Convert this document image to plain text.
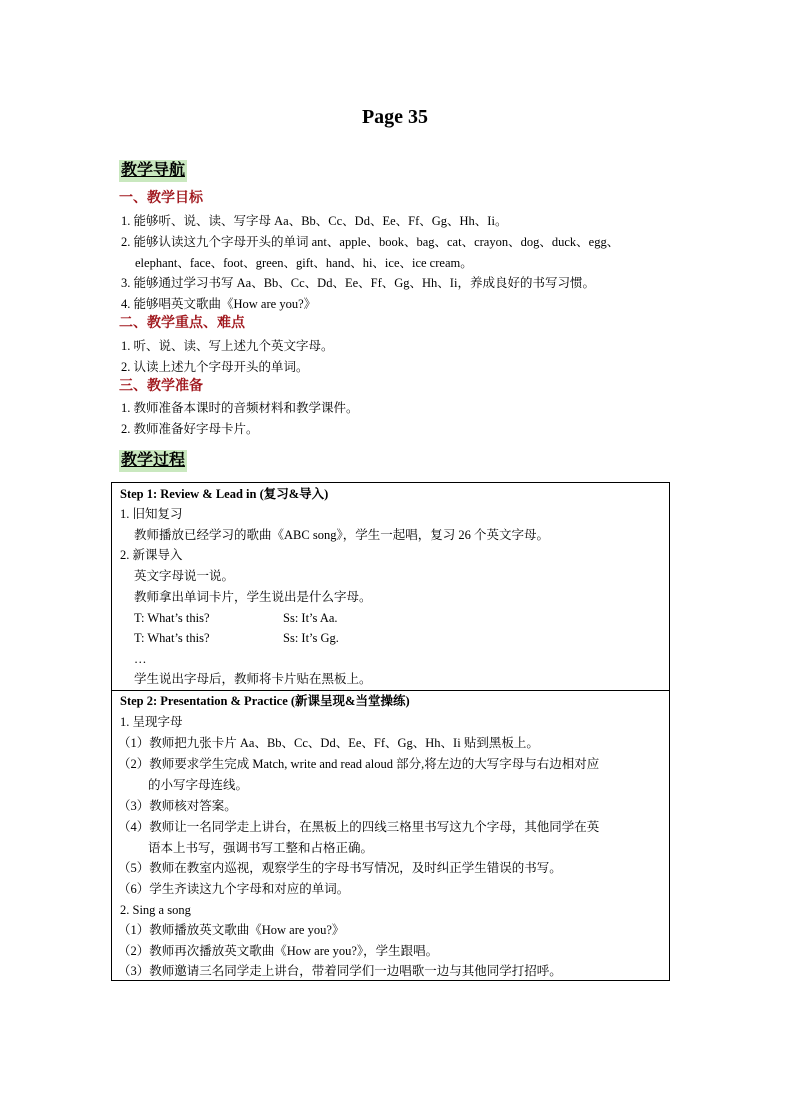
Page 35
教学导航
一、教学目标
1. 能够听、说、读、写字母 Aa、Bb、Cc、Dd、Ee、Ff、Gg、Hh、Ii。
2. 能够认读这九个字母开头的单词 ant、apple、book、bag、cat、crayon、dog、duck、egg、
elephant、face、foot、green、gift、hand、hi、ice、ice cream。
3. 能够通过学习书写 Aa、Bb、Cc、Dd、Ee、Ff、Gg、Hh、Ii，养成良好的书写习惯。
4. 能够唱英文歌曲《How are you?》
二、教学重点、难点
1. 听、说、读、写上述九个英文字母。
2. 认读上述九个字母开头的单词。
三、教学准备
1. 教师准备本课时的音频材料和教学课件。
2. 教师准备好字母卡片。
教学过程
Step 1: Review & Lead in (复习&导入)
1. 旧知复习
教师播放已经学习的歌曲《ABC song》，学生一起唱，复习 26 个英文字母。
2. 新课导入
英文字母说一说。
教师拿出单词卡片，学生说出是什么字母。
T: What’s this?	Ss: It’s Aa.
T: What’s this?	Ss: It’s Gg.
…
学生说出字母后，教师将卡片贴在黑板上。
Step 2: Presentation & Practice (新课呈现&当堂操练)
1. 呈现字母
（1）教师把九张卡片 Aa、Bb、Cc、Dd、Ee、Ff、Gg、Hh、Ii 贴到黑板上。
（2）教师要求学生完成 Match, write and read aloud 部分,将左边的大写字母与右边相对应
的小写字母连线。
（3）教师核对答案。
（4）教师让一名同学走上讲台，在黑板上的四线三格里书写这九个字母，其他同学在英
语本上书写，强调书写工整和占格正确。
（5）教师在教室内巡视，观察学生的字母书写情况，及时纠正学生错误的书写。
（6）学生齐读这九个字母和对应的单词。
2. Sing a song
（1）教师播放英文歌曲《How are you?》
（2）教师再次播放英文歌曲《How are you?》，学生跟唱。
（3）教师邀请三名同学走上讲台，带着同学们一边唱歌一边与其他同学打招呼。
